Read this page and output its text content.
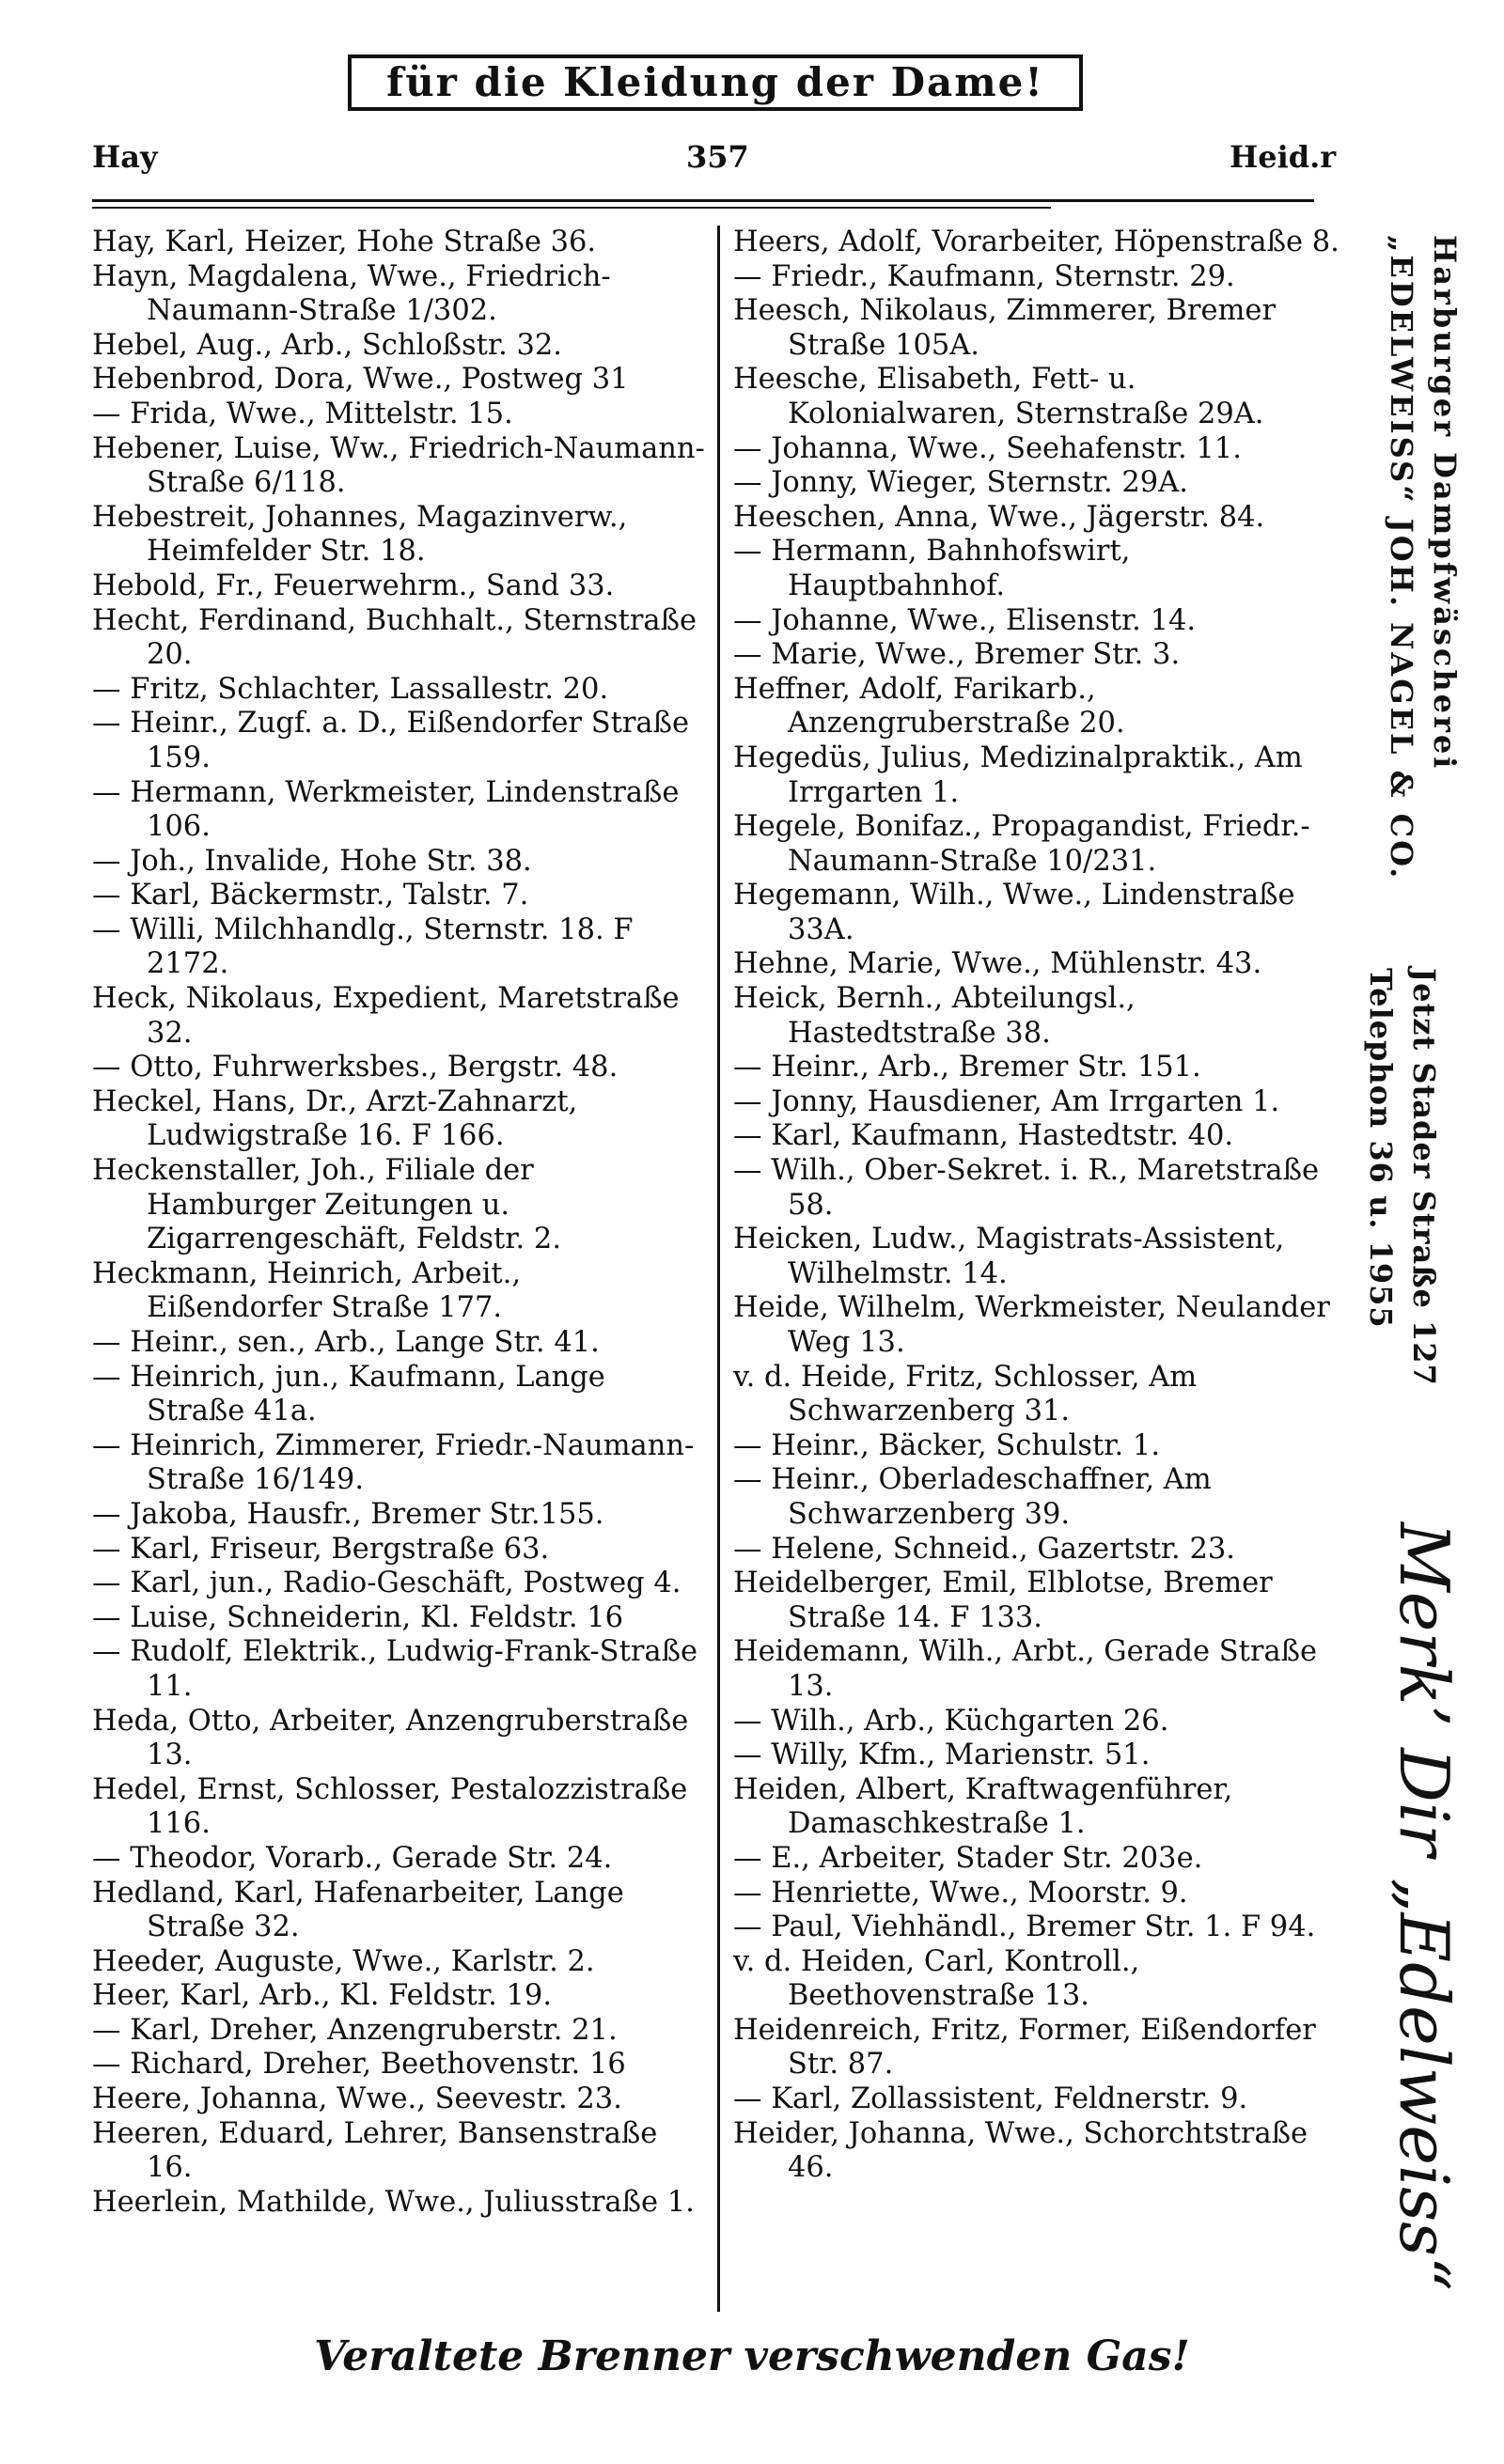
für die Kleidung der Dame!
Hay	357	Heid.r

Hay, Karl, Heizer, Hohe Straße 36.

Hayn, Magdalena, Wwe., Friedrich-Naumann-Straße 1/302.

Hebel, Aug., Arb., Schloßstr. 32.

Hebenbrod, Dora, Wwe., Postweg 31

— Frida, Wwe., Mittelstr. 15.

Hebener, Luise, Ww., Friedrich-Naumann-Straße 6/118.

Hebestreit, Johannes, Magazinverw., Heimfelder Str. 18.

Hebold, Fr., Feuerwehrm., Sand 33.

Hecht, Ferdinand, Buchhalt., Sternstraße 20.

— Fritz, Schlachter, Lassallestr. 20.

— Heinr., Zugf. a. D., Eißendorfer Straße 159.

— Hermann, Werkmeister, Lindenstraße 106.

— Joh., Invalide, Hohe Str. 38.

— Karl, Bäckermstr., Talstr. 7.

— Willi, Milchhandlg., Sternstr. 18. F 2172.

Heck, Nikolaus, Expedient, Maretstraße 32.

— Otto, Fuhrwerksbes., Bergstr. 48.

Heckel, Hans, Dr., Arzt-Zahnarzt, Ludwigstraße 16. F 166.

Heckenstaller, Joh., Filiale der Hamburger Zeitungen u. Zigarrengeschäft, Feldstr. 2.

Heckmann, Heinrich, Arbeit., Eißendorfer Straße 177.

— Heinr., sen., Arb., Lange Str. 41.

— Heinrich, jun., Kaufmann, Lange Straße 41a.

— Heinrich, Zimmerer, Friedr.-Naumann-Straße 16/149.

— Jakoba, Hausfr., Bremer Str.155.

— Karl, Friseur, Bergstraße 63.

— Karl, jun., Radio-Geschäft, Postweg 4.

— Luise, Schneiderin, Kl. Feldstr. 16

— Rudolf, Elektrik., Ludwig-Frank-Straße 11.

Heda, Otto, Arbeiter, Anzengruberstraße 13.

Hedel, Ernst, Schlosser, Pestalozzistraße 116.

— Theodor, Vorarb., Gerade Str. 24.

Hedland, Karl, Hafenarbeiter, Lange Straße 32.

Heeder, Auguste, Wwe., Karlstr. 2.

Heer, Karl, Arb., Kl. Feldstr. 19.

— Karl, Dreher, Anzengruberstr. 21.

— Richard, Dreher, Beethovenstr. 16

Heere, Johanna, Wwe., Seevestr. 23.

Heeren, Eduard, Lehrer, Bansenstraße 16.

Heerlein, Mathilde, Wwe., Juliusstraße 1.

Heers, Adolf, Vorarbeiter, Höpenstraße 8.

— Friedr., Kaufmann, Sternstr. 29.

Heesch, Nikolaus, Zimmerer, Bremer Straße 105A.

Heesche, Elisabeth, Fett- u. Kolonialwaren, Sternstraße 29A.

— Johanna, Wwe., Seehafenstr. 11.

— Jonny, Wieger, Sternstr. 29A.

Heeschen, Anna, Wwe., Jägerstr. 84.

— Hermann, Bahnhofswirt, Hauptbahnhof.

— Johanne, Wwe., Elisenstr. 14.

— Marie, Wwe., Bremer Str. 3.

Heffner, Adolf, Farikarb., Anzengruberstraße 20.

Hegedüs, Julius, Medizinalpraktik., Am Irrgarten 1.

Hegele, Bonifaz., Propagandist, Friedr.-Naumann-Straße 10/231.

Hegemann, Wilh., Wwe., Lindenstraße 33A.

Hehne, Marie, Wwe., Mühlenstr. 43.

Heick, Bernh., Abteilungsl., Hastedtstraße 38.

— Heinr., Arb., Bremer Str. 151.

— Jonny, Hausdiener, Am Irrgarten 1.

— Karl, Kaufmann, Hastedtstr. 40.

— Wilh., Ober-Sekret. i. R., Maretstraße 58.

Heicken, Ludw., Magistrats-Assistent, Wilhelmstr. 14.

Heide, Wilhelm, Werkmeister, Neulander Weg 13.

v. d. Heide, Fritz, Schlosser, Am Schwarzenberg 31.

— Heinr., Bäcker, Schulstr. 1.

— Heinr., Oberladeschaffner, Am Schwarzenberg 39.

— Helene, Schneid., Gazertstr. 23.

Heidelberger, Emil, Elblotse, Bremer Straße 14. F 133.

Heidemann, Wilh., Arbt., Gerade Straße 13.

— Wilh., Arb., Küchgarten 26.

— Willy, Kfm., Marienstr. 51.

Heiden, Albert, Kraftwagenführer, Damaschkestraße 1.

— E., Arbeiter, Stader Str. 203e.

— Henriette, Wwe., Moorstr. 9.

— Paul, Viehhändl., Bremer Str. 1. F 94.

v. d. Heiden, Carl, Kontroll., Beethovenstraße 13.

Heidenreich, Fritz, Former, Eißendorfer Str. 87.

— Karl, Zollassistent, Feldnerstr. 9.

Heider, Johanna, Wwe., Schorchtstraße 46.

Harburger Dampfwäscherei
„EDELWEISS“ JOH. NAGEL & CO.
Jetzt Stader Straße 127
Telephon 36 u. 1955
Merk’ Dir „Edelweiss“
Veraltete Brenner verschwenden Gas!
